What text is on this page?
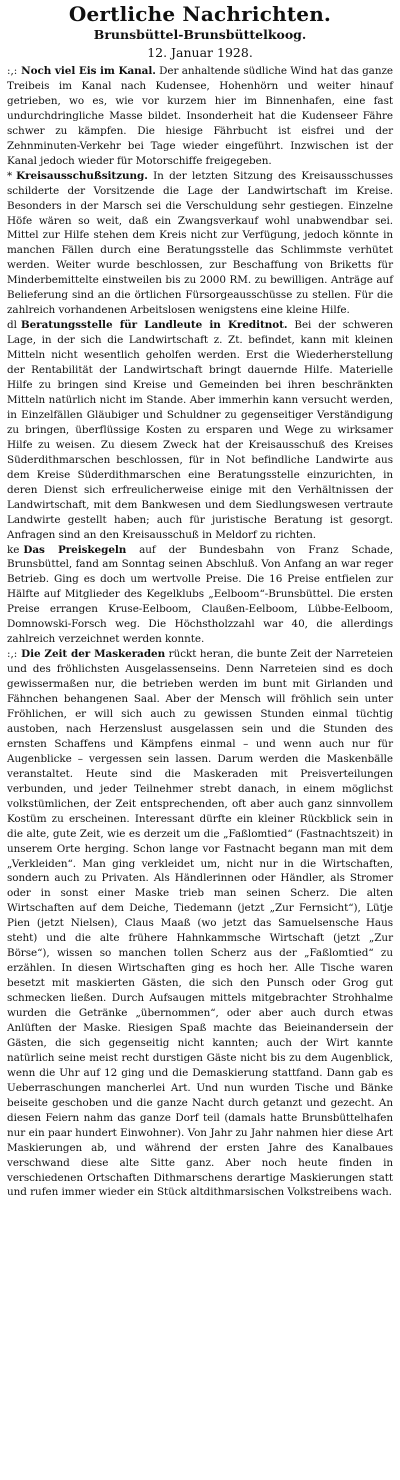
Oertliche Nachrichten.
Brunsbüttel-Brunsbüttelkoog.
12. Januar 1928.

:,: Noch viel Eis im Kanal. Der anhaltende südliche Wind hat das ganze Treibeis im Kanal nach Kudensee, Hohenhörn und weiter hinauf getrieben, wo es, wie vor kurzem hier im Binnenhafen, eine fast undurchdringliche Masse bildet. Insonderheit hat die Kudenseer Fähre schwer zu kämpfen. Die hiesige Fährbucht ist eisfrei und der Zehnminuten-Verkehr bei Tage wieder eingeführt. Inzwischen ist der Kanal jedoch wieder für Motorschiffe freigegeben.

* Kreisausschußsitzung. In der letzten Sitzung des Kreisausschusses schilderte der Vorsitzende die Lage der Landwirtschaft im Kreise. Besonders in der Marsch sei die Verschuldung sehr gestiegen. Einzelne Höfe wären so weit, daß ein Zwangsverkauf wohl unabwendbar sei. Mittel zur Hilfe stehen dem Kreis nicht zur Verfügung, jedoch könnte in manchen Fällen durch eine Beratungsstelle das Schlimmste verhütet werden. Weiter wurde beschlossen, zur Beschaffung von Briketts für Minderbemittelte einstweilen bis zu 2000 RM. zu bewilligen. Anträge auf Belieferung sind an die örtlichen Fürsorgeausschüsse zu stellen. Für die zahlreich vorhandenen Arbeitslosen wenigstens eine kleine Hilfe.

dl Beratungsstelle für Landleute in Kreditnot. Bei der schweren Lage, in der sich die Landwirtschaft z. Zt. befindet, kann mit kleinen Mitteln nicht wesentlich geholfen werden. Erst die Wiederherstellung der Rentabilität der Landwirtschaft bringt dauernde Hilfe. Materielle Hilfe zu bringen sind Kreise und Gemeinden bei ihren beschränkten Mitteln natürlich nicht im Stande. Aber immerhin kann versucht werden, in Einzelfällen Gläubiger und Schuldner zu gegenseitiger Verständigung zu bringen, überflüssige Kosten zu ersparen und Wege zu wirksamer Hilfe zu weisen. Zu diesem Zweck hat der Kreisausschuß des Kreises Süderdithmarschen beschlossen, für in Not befindliche Landwirte aus dem Kreise Süderdithmarschen eine Beratungsstelle einzurichten, in deren Dienst sich erfreulicherweise einige mit den Verhältnissen der Landwirtschaft, mit dem Bankwesen und dem Siedlungswesen vertraute Landwirte gestellt haben; auch für juristische Beratung ist gesorgt. Anfragen sind an den Kreisausschuß in Meldorf zu richten.

ke Das Preiskegeln auf der Bundesbahn von Franz Schade, Brunsbüttel, fand am Sonntag seinen Abschluß. Von Anfang an war reger Betrieb. Ging es doch um wertvolle Preise. Die 16 Preise entfielen zur Hälfte auf Mitglieder des Kegelklubs „Eelboom“-Brunsbüttel. Die ersten Preise errangen Kruse-Eelboom, Claußen-Eelboom, Lübbe-Eelboom, Domnowski-Forsch weg. Die Höchstholzzahl war 40, die allerdings zahlreich verzeichnet werden konnte.

:,: Die Zeit der Maskeraden rückt heran, die bunte Zeit der Narreteien und des fröhlichsten Ausgelassenseins. Denn Narreteien sind es doch gewissermaßen nur, die betrieben werden im bunt mit Girlanden und Fähnchen behangenen Saal. Aber der Mensch will fröhlich sein unter Fröhlichen, er will sich auch zu gewissen Stunden einmal tüchtig austoben, nach Herzenslust ausgelassen sein und die Stunden des ernsten Schaffens und Kämpfens einmal – und wenn auch nur für Augenblicke – vergessen sein lassen. Darum werden die Maskenbälle veranstaltet. Heute sind die Maskeraden mit Preisverteilungen verbunden, und jeder Teilnehmer strebt danach, in einem möglichst volkstümlichen, der Zeit entsprechenden, oft aber auch ganz sinnvollem Kostüm zu erscheinen. Interessant dürfte ein kleiner Rückblick sein in die alte, gute Zeit, wie es derzeit um die „Faßlomtied“ (Fastnachtszeit) in unserem Orte herging. Schon lange vor Fastnacht begann man mit dem „Verkleiden“. Man ging verkleidet um, nicht nur in die Wirtschaften, sondern auch zu Privaten. Als Händlerinnen oder Händler, als Stromer oder in sonst einer Maske trieb man seinen Scherz. Die alten Wirtschaften auf dem Deiche, Tiedemann (jetzt „Zur Fernsicht“), Lütje Pien (jetzt Nielsen), Claus Maaß (wo jetzt das Samuelsensche Haus steht) und die alte frühere Hahnkammsche Wirtschaft (jetzt „Zur Börse“), wissen so manchen tollen Scherz aus der „Faßlomtied“ zu erzählen. In diesen Wirtschaften ging es hoch her. Alle Tische waren besetzt mit maskierten Gästen, die sich den Punsch oder Grog gut schmecken ließen. Durch Aufsaugen mittels mitgebrachter Strohhalme wurden die Getränke „übernommen“, oder aber auch durch etwas Anlüften der Maske. Riesigen Spaß machte das Beieinandersein der Gästen, die sich gegenseitig nicht kannten; auch der Wirt kannte natürlich seine meist recht durstigen Gäste nicht bis zu dem Augenblick, wenn die Uhr auf 12 ging und die Demaskierung stattfand. Dann gab es Ueberraschungen mancherlei Art. Und nun wurden Tische und Bänke beiseite geschoben und die ganze Nacht durch getanzt und gezecht. An diesen Feiern nahm das ganze Dorf teil (damals hatte Brunsbüttelhafen nur ein paar hundert Einwohner). Von Jahr zu Jahr nahmen hier diese Art Maskierungen ab, und während der ersten Jahre des Kanalbaues verschwand diese alte Sitte ganz. Aber noch heute finden in verschiedenen Ortschaften Dithmarschens derartige Maskierungen statt und rufen immer wieder ein Stück altdithmarsischen Volkstreibens wach.
